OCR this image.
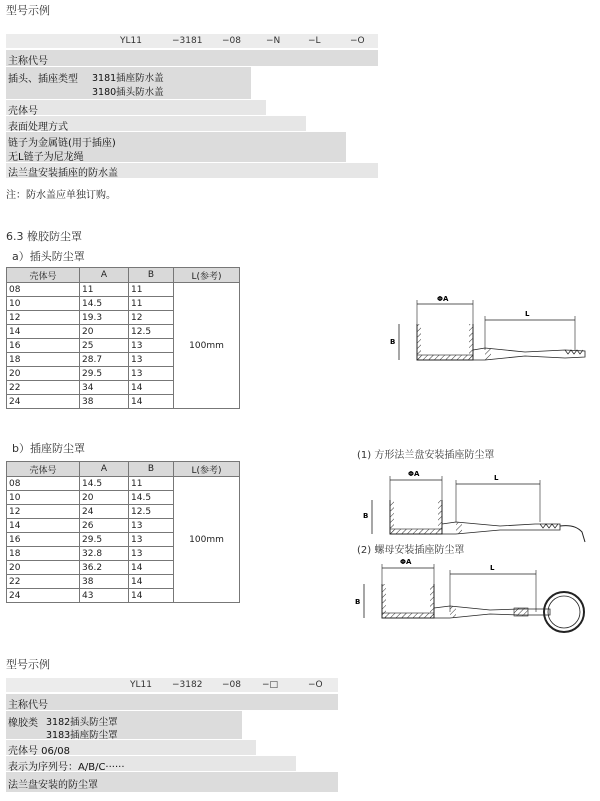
型号示例
YL11	−3181 −08	−N	−L	−O
主称代号
插头、插座类型 3181插座防水盖
3180插头防水盖
壳体号
表面处理方式
链子为金属链(用于插座)
无L链子为尼龙绳
法兰盘安装插座的防水盖
注：防水盖应单独订购。
6.3 橡胶防尘罩
a）插头防尘罩
壳体号	A	B	L(参考)
08	11	11	100mm
10	14.5	11	
12	19.3	12	
14	20	12.5	
16	25	13	
18	28.7	13	
20	29.5	13	
22	34	14	
24	38	14	
b）插座防尘罩
壳体号	A	B	L(参考)
08	14.5	11	100mm
10	20	14.5	
12	24	12.5	
14	26	13	
16	29.5	13	
18	32.8	13	
20	36.2	14	
22	38	14	
24	43	14	
ΦA
B
L
(1) 方形法兰盘安装插座防尘罩
ΦA
B
L
(2) 螺母安装插座防尘罩
ΦA
B
L
型号示例
YL11 −3182 −08 −□	−O
主称代号
橡胶类 3182插头防尘罩
3183插座防尘罩
壳体号 06/08
表示为序列号：A/B/C······
法兰盘安装的防尘罩
